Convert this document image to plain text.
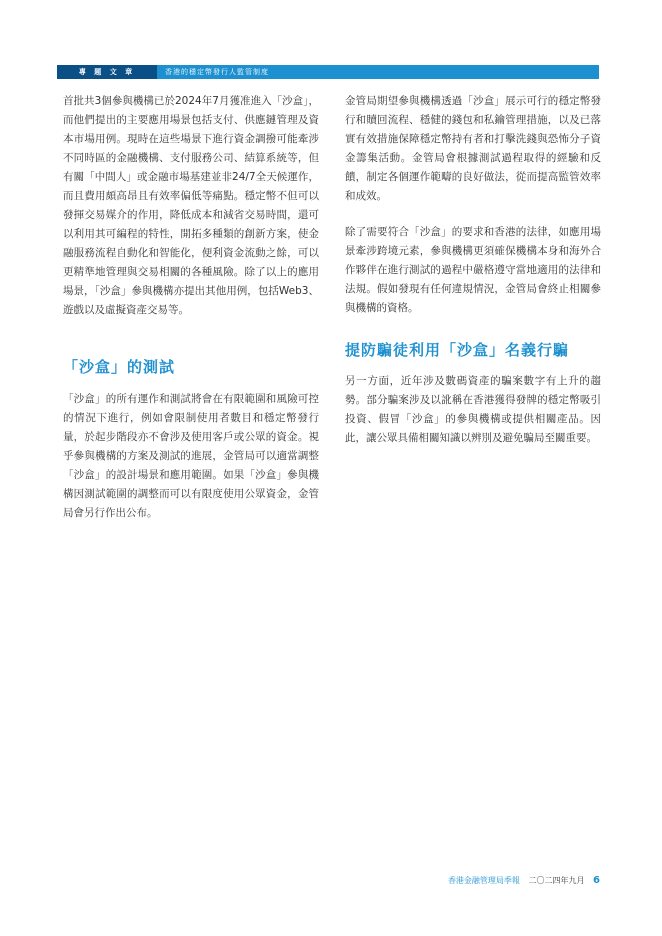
專 題 文 章	香港的穩定幣發行人監管制度

首批共3個參與機構已於2024年7月獲准進入「沙盒」，而他們提出的主要應用場景包括支付、供應鏈管理及資本市場用例。現時在這些場景下進行資金調撥可能牽涉不同時區的金融機構、支付服務公司、結算系統等，但有關「中間人」或金融市場基建並非24/7全天候運作，而且費用頗高昂且有效率偏低等痛點。穩定幣不但可以發揮交易媒介的作用，降低成本和減省交易時間，還可以利用其可編程的特性，開拓多種類的創新方案，使金融服務流程自動化和智能化，便利資金流動之餘，可以更精準地管理與交易相關的各種風險。除了以上的應用場景，「沙盒」參與機構亦提出其他用例，包括Web3、遊戲以及虛擬資產交易等。

「沙盒」的測試

「沙盒」的所有運作和測試將會在有限範圍和風險可控的情況下進行，例如會限制使用者數目和穩定幣發行量，於起步階段亦不會涉及使用客戶或公眾的資金。視乎參與機構的方案及測試的進展，金管局可以適當調整「沙盒」的設計場景和應用範圍。如果「沙盒」參與機構因測試範圍的調整而可以有限度使用公眾資金，金管局會另行作出公布。

金管局期望參與機構透過「沙盒」展示可行的穩定幣發行和贖回流程、穩健的錢包和私鑰管理措施，以及已落實有效措施保障穩定幣持有者和打擊洗錢與恐怖分子資金籌集活動。金管局會根據測試過程取得的經驗和反饋，制定各個運作範疇的良好做法，從而提高監管效率和成效。

除了需要符合「沙盒」的要求和香港的法律，如應用場景牽涉跨境元素，參與機構更須確保機構本身和海外合作夥伴在進行測試的過程中嚴格遵守當地適用的法律和法規。假如發現有任何違規情況，金管局會終止相關參與機構的資格。

提防騙徒利用「沙盒」名義行騙

另一方面，近年涉及數碼資產的騙案數字有上升的趨勢。部分騙案涉及以訛稱在香港獲得發牌的穩定幣吸引投資、假冒「沙盒」的參與機構或提供相關產品。因此，讓公眾具備相關知識以辨別及避免騙局至關重要。

香港金融管理局季報 二〇二四年九月 6
